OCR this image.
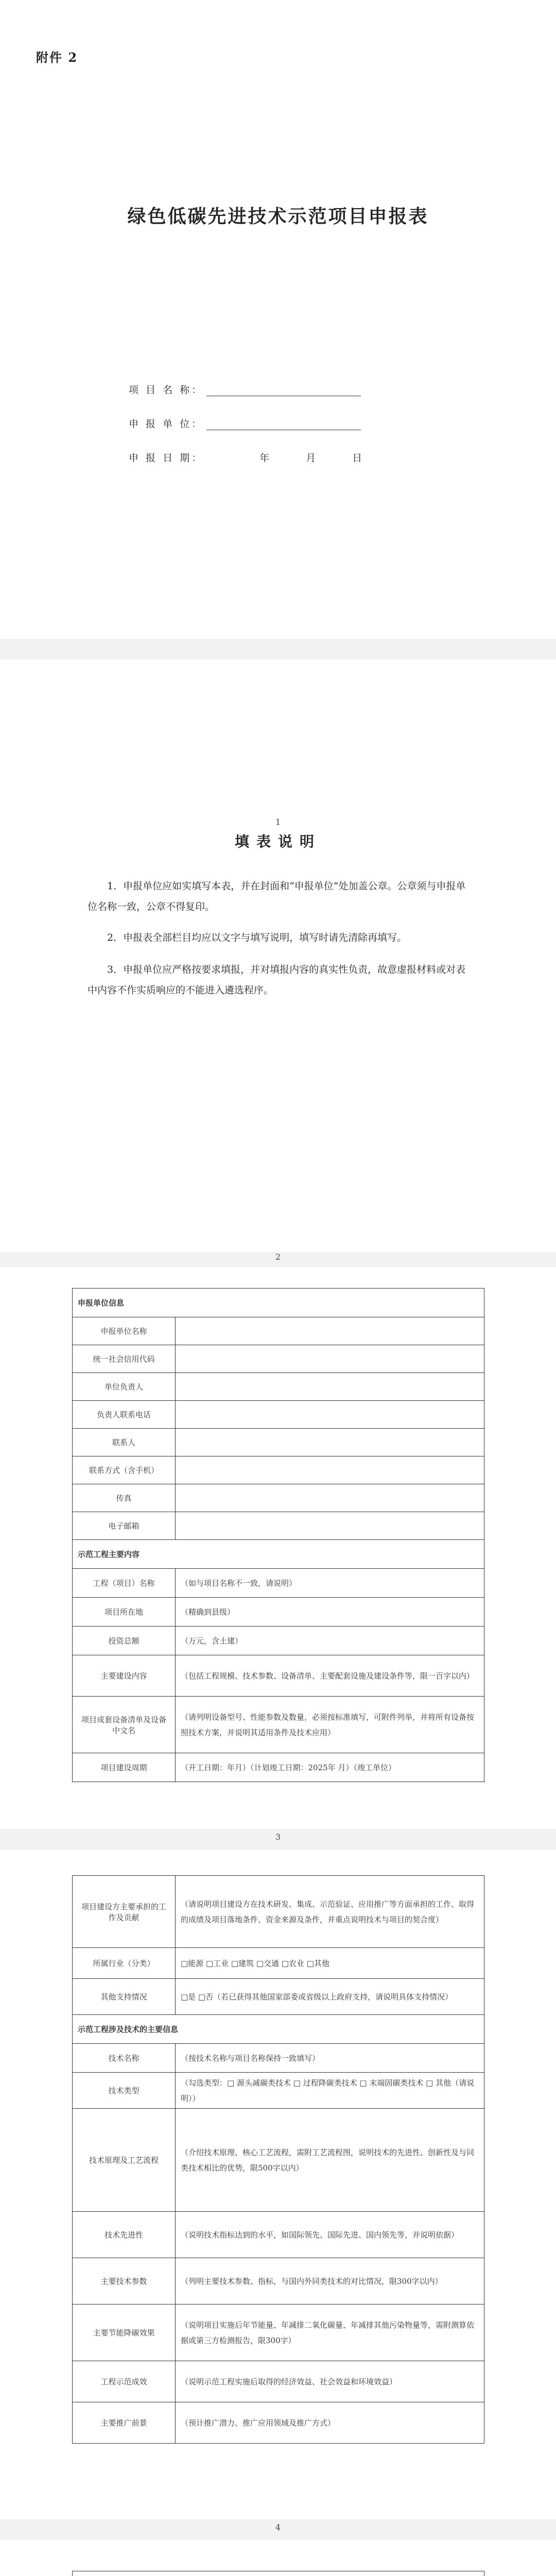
附件 2
绿色低碳先进技术示范项目申报表
项 目 名 称：
申 报 单 位：
申 报 日 期：	年	月	日
1
填表说明
1．申报单位应如实填写本表，并在封面和“申报单位”处加盖公章。公章须与申报单位名称一致，公章不得复印。
2．申报表全部栏目均应以文字与填写说明，填写时请先清除再填写。
3．申报单位应严格按要求填报，并对填报内容的真实性负责，故意虚报材料或对表中内容不作实质响应的不能进入遴选程序。
2
申报单位信息	
申报单位名称	
统一社会信用代码	
单位负责人	
负责人联系电话	
联系人	
联系方式（含手机）	
传真	
电子邮箱	
示范工程主要内容	
工程（项目）名称	（如与项目名称不一致，请说明）
项目所在地	（精确到县级）
投资总额	（万元，含土建）
主要建设内容	（包括工程规模、技术参数、设备清单、主要配套设施及建设条件等，限一百字以内）
项目成套设备清单及设备中文名	（请列明设备型号、性能参数及数量，必须按标准填写，可附件列举，并将所有设备按照技术方案，并说明其适用条件及技术应用）
项目建设周期	（开工日期：年月）（计划竣工日期：2025年 月）（竣工单位）
3
项目建设方主要承担的工作及贡献	（请说明项目建设方在技术研发、集成、示范验证、应用推广等方面承担的工作、取得的成绩及项目落地条件、资金来源及条件，并重点说明技术与项目的契合度）
所属行业（分类）	□能源 □工业 □建筑 □交通 □农业 □其他
其他支持情况	□是 □否（若已获得其他国家部委或省级以上政府支持，请说明具体支持情况）
示范工程涉及技术的主要信息	
技术名称	（按技术名称与项目名称保持一致填写）
技术类型	（勾选类型：□ 源头减碳类技术 □ 过程降碳类技术 □ 末端固碳类技术 □ 其他（请说明））
技术原理及工艺流程	（介绍技术原理、核心工艺流程，需附工艺流程图，说明技术的先进性、创新性及与同类技术相比的优势，限500字以内）
技术先进性	（说明技术指标达到的水平，如国际领先、国际先进、国内领先等，并说明依据）
主要技术参数	（列明主要技术参数、指标，与国内外同类技术的对比情况，限300字以内）
主要节能降碳效果	（说明项目实施后年节能量、年减排二氧化碳量、年减排其他污染物量等，需附测算依据或第三方检测报告，限300字）
工程示范成效	（说明示范工程实施后取得的经济效益、社会效益和环境效益）
主要推广前景	（预计推广潜力、推广应用领域及推广方式）
4
